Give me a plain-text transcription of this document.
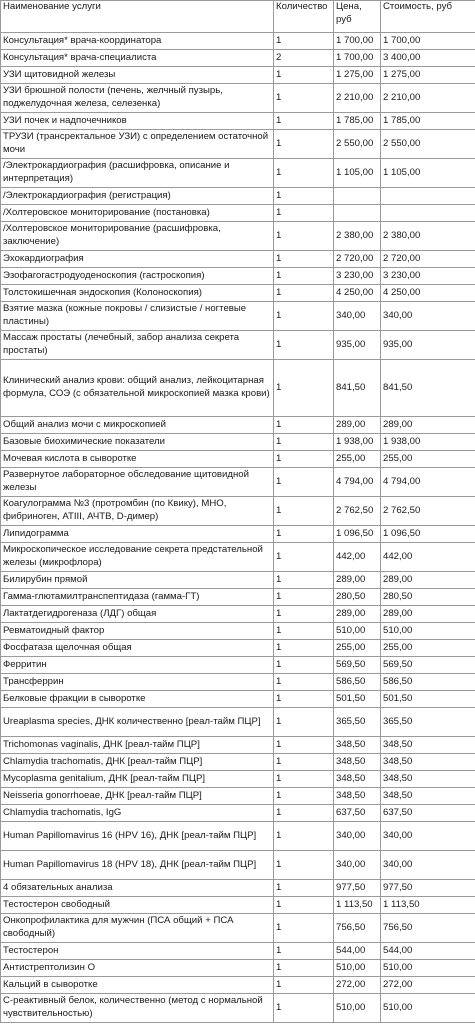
Наименование услуги	Количество	Цена, руб	Стоимость, руб
Консультация* врача-координатора	1	1 700,00	1 700,00
Консультация* врача-специалиста	2	1 700,00	3 400,00
УЗИ щитовидной железы	1	1 275,00	1 275,00
УЗИ брюшной полости (печень, желчный пузырь, поджелудочная железа, селезенка)	1	2 210,00	2 210,00
УЗИ почек и надпочечников	1	1 785,00	1 785,00
ТРУЗИ (трансректальное УЗИ) с определением остаточной мочи	1	2 550,00	2 550,00
/Электрокардиография (расшифровка, описание и интерпретация)	1	1 105,00	1 105,00
/Электрокардиография (регистрация)	1		
/Холтеровское мониторирование (постановка)	1		
/Холтеровское мониторирование (расшифровка, заключение)	1	2 380,00	2 380,00
Эхокардиография	1	2 720,00	2 720,00
Эзофагогастродуоденоскопия (гастроскопия)	1	3 230,00	3 230,00
Толстокишечная эндоскопия (Колоноскопия)	1	4 250,00	4 250,00
Взятие мазка (кожные покровы / слизистые / ногтевые пластины)	1	340,00	340,00
Массаж простаты (лечебный, забор анализа секрета простаты)	1	935,00	935,00
Клинический анализ крови: общий анализ, лейкоцитарная формула, СОЭ (с обязательной микроскопией мазка крови)	1	841,50	841,50
Общий анализ мочи с микроскопией	1	289,00	289,00
Базовые биохимические показатели	1	1 938,00	1 938,00
Мочевая кислота в сыворотке	1	255,00	255,00
Развернутое лабораторное обследование щитовидной железы	1	4 794,00	4 794,00
Коагулограмма №3 (протромбин (по Квику), МНО, фибриноген, АТIII, АЧТВ, D-димер)	1	2 762,50	2 762,50
Липидограмма	1	1 096,50	1 096,50
Микроскопическое исследование секрета предстательной железы (микрофлора)	1	442,00	442,00
Билирубин прямой	1	289,00	289,00
Гамма-глютамилтранспептидаза (гамма-ГТ)	1	280,50	280,50
Лактатдегидрогеназа (ЛДГ) общая	1	289,00	289,00
Ревматоидный фактор	1	510,00	510,00
Фосфатаза щелочная общая	1	255,00	255,00
Ферритин	1	569,50	569,50
Трансферрин	1	586,50	586,50
Белковые фракции в сыворотке	1	501,50	501,50
Ureaplasma species, ДНК количественно [реал-тайм ПЦР]	1	365,50	365,50
Trichomonas vaginalis, ДНК [реал-тайм ПЦР]	1	348,50	348,50
Chlamydia trachomatis, ДНК [реал-тайм ПЦР]	1	348,50	348,50
Mycoplasma genitalium, ДНК [реал-тайм ПЦР]	1	348,50	348,50
Neisseria gonorrhoeae, ДНК [реал-тайм ПЦР]	1	348,50	348,50
Chlamydia trachomatis, IgG	1	637,50	637,50
Human Papillomavirus 16 (HPV 16), ДНК [реал-тайм ПЦР]	1	340,00	340,00
Human Papillomavirus 18 (HPV 18), ДНК [реал-тайм ПЦР]	1	340,00	340,00
4 обязательных анализа	1	977,50	977,50
Тестостерон свободный	1	1 113,50	1 113,50
Онкопрофилактика для мужчин (ПСА общий + ПСА свободный)	1	756,50	756,50
Тестостерон	1	544,00	544,00
Антистрептолизин О	1	510,00	510,00
Кальций в сыворотке	1	272,00	272,00
С-реактивный белок, количественно (метод с нормальной чувствительностью)	1	510,00	510,00
